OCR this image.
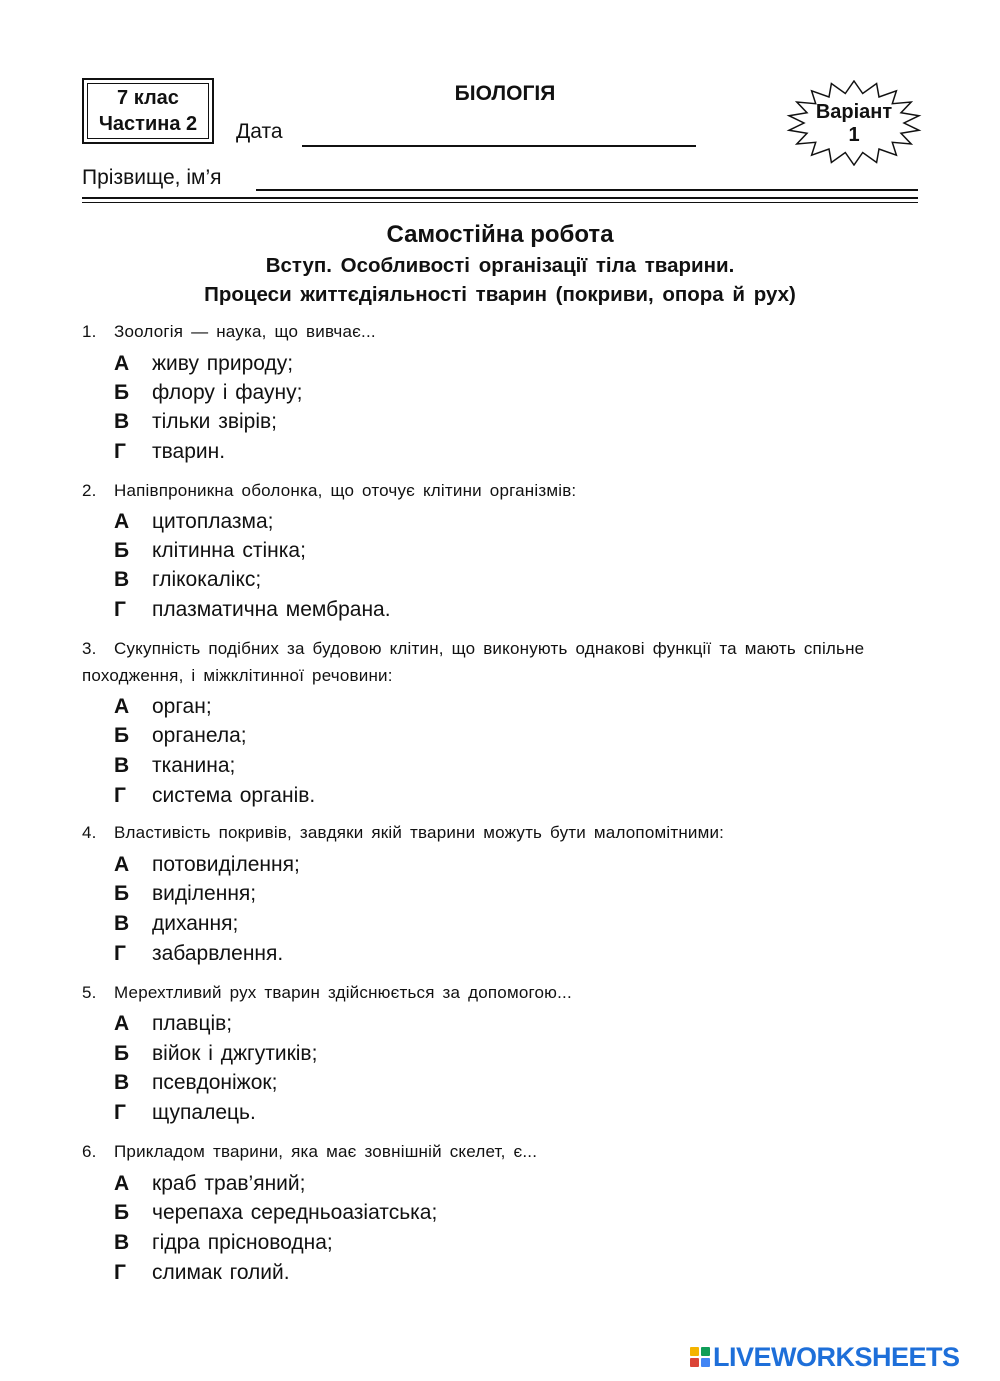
7 клас
Частина 2
БІОЛОГІЯ
Дата
Варіант
1
Прізвище, ім’я
Самостійна робота
Вступ. Особливості організації тіла тварини.
Процеси життєдіяльності тварин (покриви, опора й рух)
1. Зоологія — наука, що вивчає...
А живу природу;
Б флору і фауну;
В тільки звірів;
Г тварин.
2. Напівпроникна оболонка, що оточує клітини організмів:
А цитоплазма;
Б клітинна стінка;
В глікокалікс;
Г плазматична мембрана.
3. Сукупність подібних за будовою клітин, що виконують однакові функції та мають спільне походження, і міжклітинної речовини:
А орган;
Б органела;
В тканина;
Г система органів.
4. Властивість покривів, завдяки якій тварини можуть бути малопомітними:
А потовиділення;
Б виділення;
В дихання;
Г забарвлення.
5. Мерехтливий рух тварин здійснюється за допомогою...
А плавців;
Б війок і джгутиків;
В псевдоніжок;
Г щупалець.
6. Прикладом тварини, яка має зовнішній скелет, є...
А краб трав’яний;
Б черепаха середньоазіатська;
В гідра прісноводна;
Г слимак голий.
LIVEWORKSHEETS
